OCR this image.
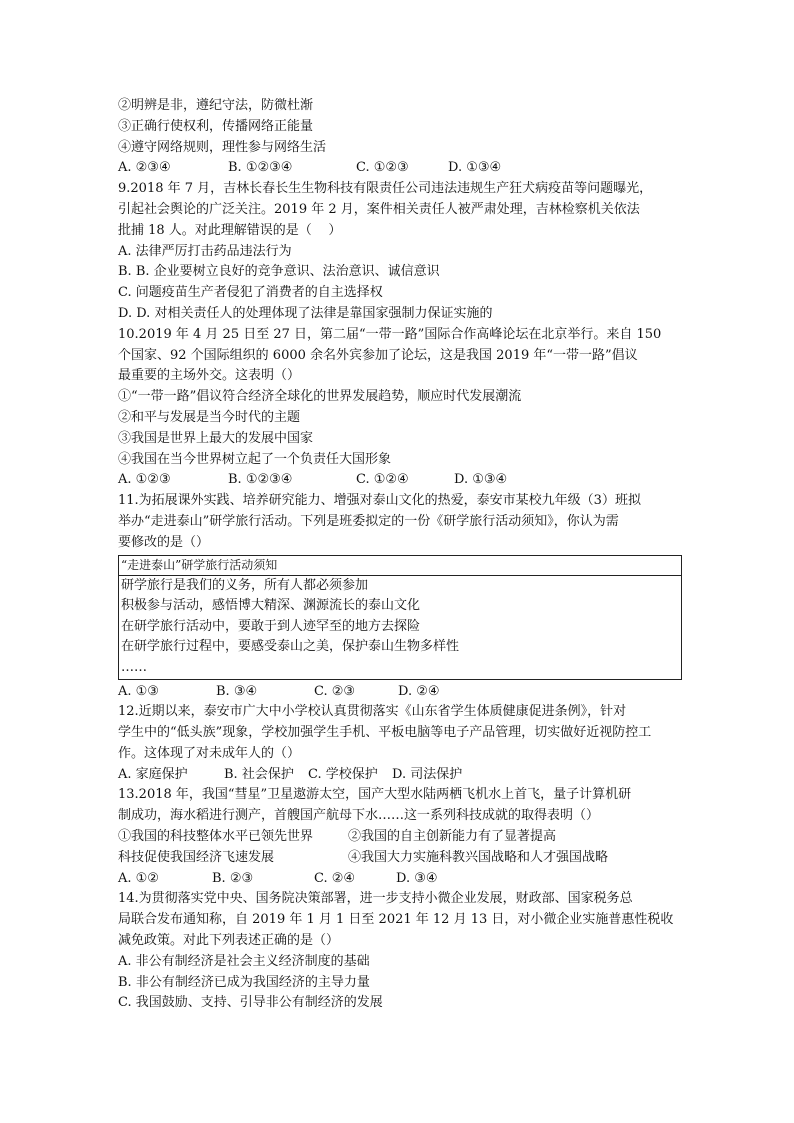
②明辨是非，遵纪守法，防微杜渐
③正确行使权利，传播网络正能量
④遵守网络规则，理性参与网络生活
A. ②③④	B. ①②③④	C. ①②③	D. ①③④
9.2018 年 7 月，吉林长春长生生物科技有限责任公司违法违规生产狂犬病疫苗等问题曝光，
引起社会舆论的广泛关注。2019 年 2 月，案件相关责任人被严肃处理，吉林检察机关依法
批捕 18 人。对此理解错误的是（    ）
A. 法律严厉打击药品违法行为
B. B. 企业要树立良好的竞争意识、法治意识、诚信意识
C. 问题疫苗生产者侵犯了消费者的自主选择权
D. D. 对相关责任人的处理体现了法律是靠国家强制力保证实施的
10.2019 年 4 月 25 日至 27 日，第二届“一带一路”国际合作高峰论坛在北京举行。来自 150
个国家、92 个国际组织的 6000 余名外宾参加了论坛，这是我国 2019 年“一带一路”倡议
最重要的主场外交。这表明（）
①“一带一路”倡议符合经济全球化的世界发展趋势，顺应时代发展潮流
②和平与发展是当今时代的主题
③我国是世界上最大的发展中国家
④我国在当今世界树立起了一个负责任大国形象
A. ①②③	B. ①②③④	C. ①②④	D. ①③④
11.为拓展课外实践、培养研究能力、增强对泰山文化的热爱，泰安市某校九年级（3）班拟
举办“走进泰山”研学旅行活动。下列是班委拟定的一份《研学旅行活动须知》，你认为需
要修改的是（）
“走进泰山”研学旅行活动须知
研学旅行是我们的义务，所有人都必须参加
积极参与活动，感悟博大精深、渊源流长的泰山文化
在研学旅行活动中，要敢于到人迹罕至的地方去探险
在研学旅行过程中，要感受泰山之美，保护泰山生物多样性
……
A. ①③	B. ③④	C. ②③	D. ②④
12.近期以来，泰安市广大中小学校认真贯彻落实《山东省学生体质健康促进条例》，针对
学生中的“低头族”现象，学校加强学生手机、平板电脑等电子产品管理，切实做好近视防控工
作。这体现了对未成年人的（）
A. 家庭保护	B. 社会保护	C. 学校保护	D. 司法保护
13.2018 年，我国“彗星”卫星遨游太空，国产大型水陆两栖飞机水上首飞，量子计算机研
制成功，海水稻进行测产，首艘国产航母下水……这一系列科技成就的取得表明（）
①我国的科技整体水平已领先世界	②我国的自主创新能力有了显著提高
科技促使我国经济飞速发展	④我国大力实施科教兴国战略和人才强国战略
A. ①②	B. ②③	C. ②④	D. ③④
14.为贯彻落实党中央、国务院决策部署，进一步支持小微企业发展，财政部、国家税务总
局联合发布通知称，自 2019 年 1 月 1 日至 2021 年 12 月 13 日，对小微企业实施普惠性税收
减免政策。对此下列表述正确的是（）
A. 非公有制经济是社会主义经济制度的基础
B. 非公有制经济已成为我国经济的主导力量
C. 我国鼓励、支持、引导非公有制经济的发展
